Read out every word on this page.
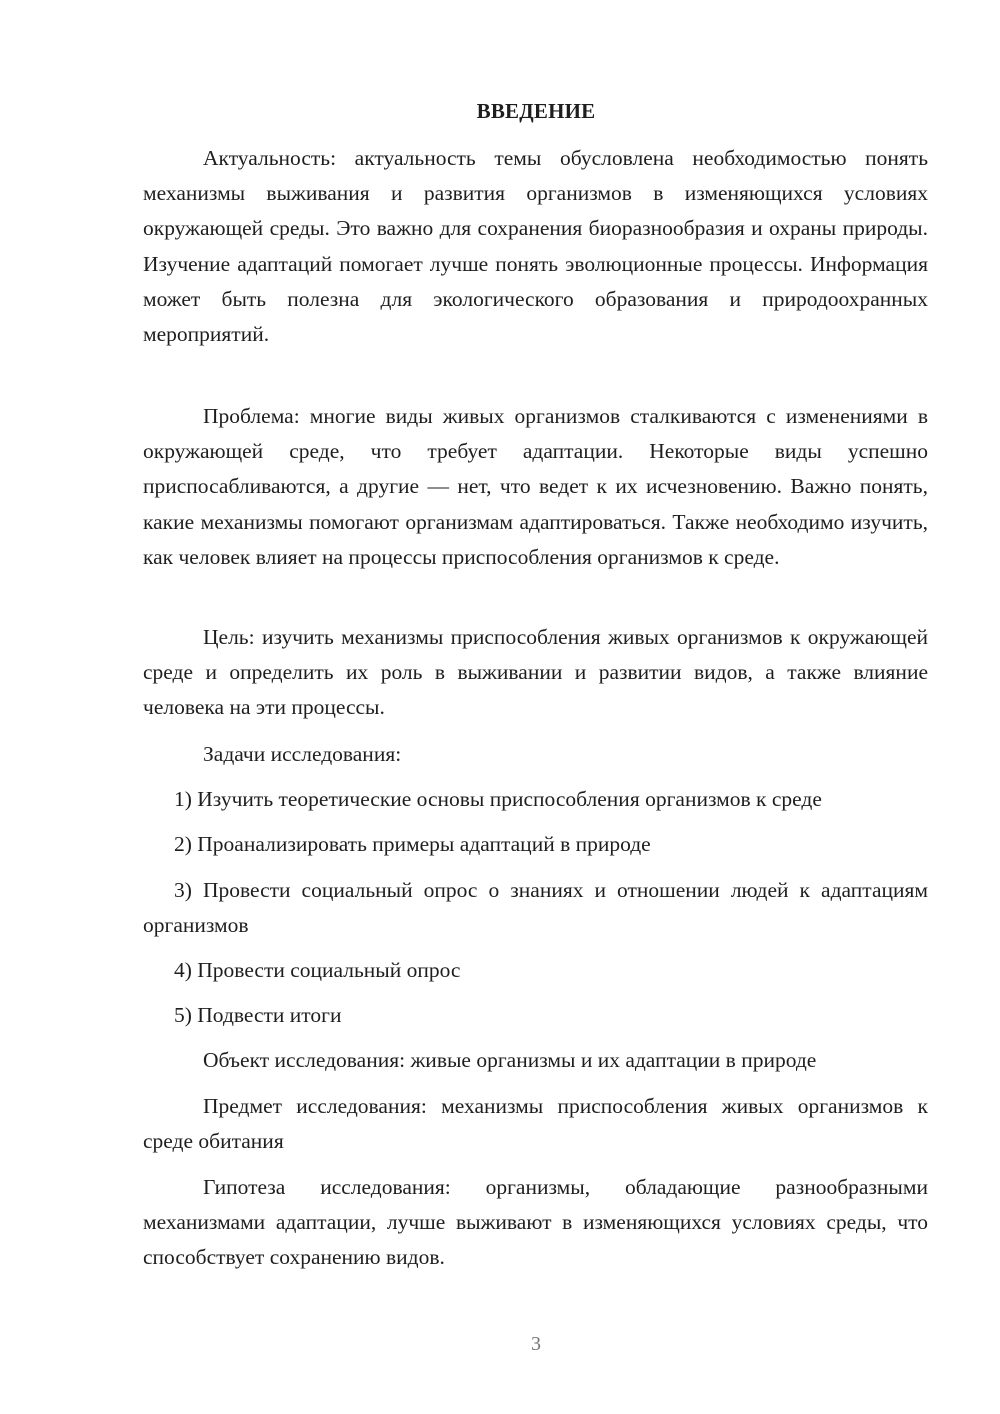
ВВЕДЕНИЕ

Актуальность: актуальность темы обусловлена необходимостью понять механизмы выживания и развития организмов в изменяющихся условиях окружающей среды. Это важно для сохранения биоразнообразия и охраны природы. Изучение адаптаций помогает лучше понять эволюционные процессы. Информация может быть полезна для экологического образования и природоохранных мероприятий.

Проблема: многие виды живых организмов сталкиваются с изменениями в окружающей среде, что требует адаптации. Некоторые виды успешно приспосабливаются, а другие — нет, что ведет к их исчезновению. Важно понять, какие механизмы помогают организмам адаптироваться. Также необходимо изучить, как человек влияет на процессы приспособления организмов к среде.

Цель: изучить механизмы приспособления живых организмов к окружающей среде и определить их роль в выживании и развитии видов, а также влияние человека на эти процессы.

Задачи исследования:

1) Изучить теоретические основы приспособления организмов к среде

2) Проанализировать примеры адаптаций в природе

3) Провести социальный опрос о знаниях и отношении людей к адаптациям организмов

4) Провести социальный опрос

5) Подвести итоги

Объект исследования: живые организмы и их адаптации в природе

Предмет исследования: механизмы приспособления живых организмов к среде обитания

Гипотеза исследования: организмы, обладающие разнообразными механизмами адаптации, лучше выживают в изменяющихся условиях среды, что способствует сохранению видов.

3
